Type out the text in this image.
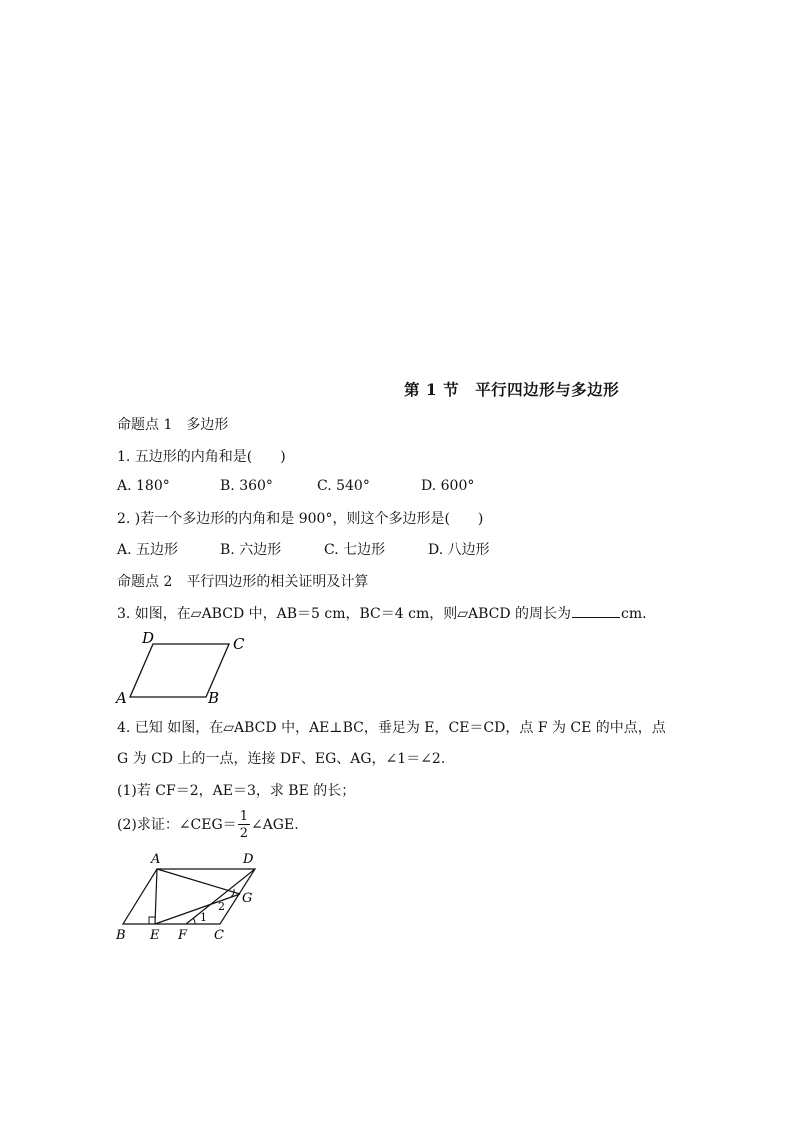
第 1 节　平行四边形与多边形
命题点 1　多边形
1. 五边形的内角和是(　　)
A. 180°	B. 360°	C. 540°	D. 600°
2. )若一个多边形的内角和是 900°，则这个多边形是(　　)
A. 五边形	B. 六边形	C. 七边形	D. 八边形
命题点 2　平行四边形的相关证明及计算
3. 如图，在▱ABCD 中，AB＝5 cm，BC＝4 cm，则▱ABCD 的周长为	cm.
D	C
A	B
4. 已知 如图，在▱ABCD 中，AE⊥BC，垂足为 E，CE＝CD，点 F 为 CE 的中点，点
G 为 CD 上的一点，连接 DF、EG、AG，∠1＝∠2.
(1)若 CF＝2，AE＝3，求 BE 的长；
(2)求证：∠CEG＝ $\frac{1}{2}$ ∠AGE.
A	D
G
B E F C
1
2
